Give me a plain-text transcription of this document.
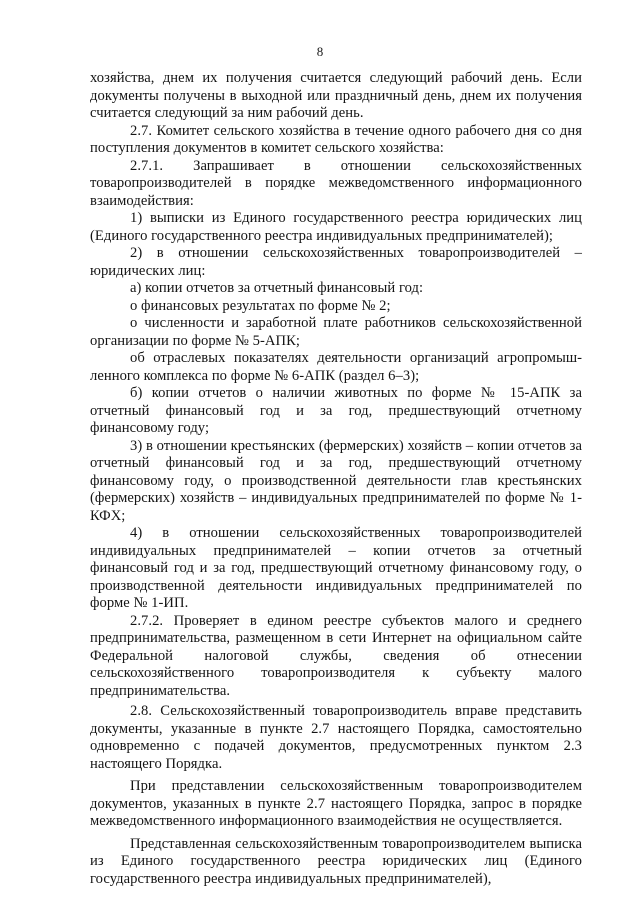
8

хозяйства, днем их получения считается следующий рабочий день. Если документы получены в выходной или праздничный день, днем их получения считается следующий за ним рабочий день.

2.7. Комитет сельского хозяйства в течение одного рабочего дня со дня поступления документов в комитет сельского хозяйства:

2.7.1. Запрашивает в отношении сельскохозяйственных товаропроизводителей в порядке межведомственного информационного взаимодействия:

1) выписки из Единого государственного реестра юридических лиц (Единого государственного реестра индивидуальных предпринимателей);

2) в отношении сельскохозяйственных товаропроизводителей – юридических лиц:

а) копии отчетов за отчетный финансовый год:

о финансовых результатах по форме № 2;

о численности и заработной плате работников сельскохозяйственной организации по форме № 5-АПК;

об отраслевых показателях деятельности организаций агропромышленного комплекса по форме № 6-АПК (раздел 6–3);

б) копии отчетов о наличии животных по форме № 15-АПК за отчетный финансовый год и за год, предшествующий отчетному финансовому году;

3) в отношении крестьянских (фермерских) хозяйств – копии отчетов за отчетный финансовый год и за год, предшествующий отчетному финансовому году, о производственной деятельности глав крестьянских (фермерских) хозяйств – индивидуальных предпринимателей по форме № 1-КФХ;

4) в отношении сельскохозяйственных товаропроизводителей индивидуальных предпринимателей – копии отчетов за отчетный финансовый год и за год, предшествующий отчетному финансовому году, о производственной деятельности индивидуальных предпринимателей по форме № 1-ИП.

2.7.2. Проверяет в едином реестре субъектов малого и среднего предпринимательства, размещенном в сети Интернет на официальном сайте Федеральной налоговой службы, сведения об отнесении сельскохозяйственного товаропроизводителя к субъекту малого предпринимательства.

2.8. Сельскохозяйственный товаропроизводитель вправе представить документы, указанные в пункте 2.7 настоящего Порядка, самостоятельно одновременно с подачей документов, предусмотренных пунктом 2.3 настоящего Порядка.

При представлении сельскохозяйственным товаропроизводителем документов, указанных в пункте 2.7 настоящего Порядка, запрос в порядке межведомственного информационного взаимодействия не осуществляется.

Представленная сельскохозяйственным товаропроизводителем выписка из Единого государственного реестра юридических лиц (Единого государственного реестра индивидуальных предпринимателей),
